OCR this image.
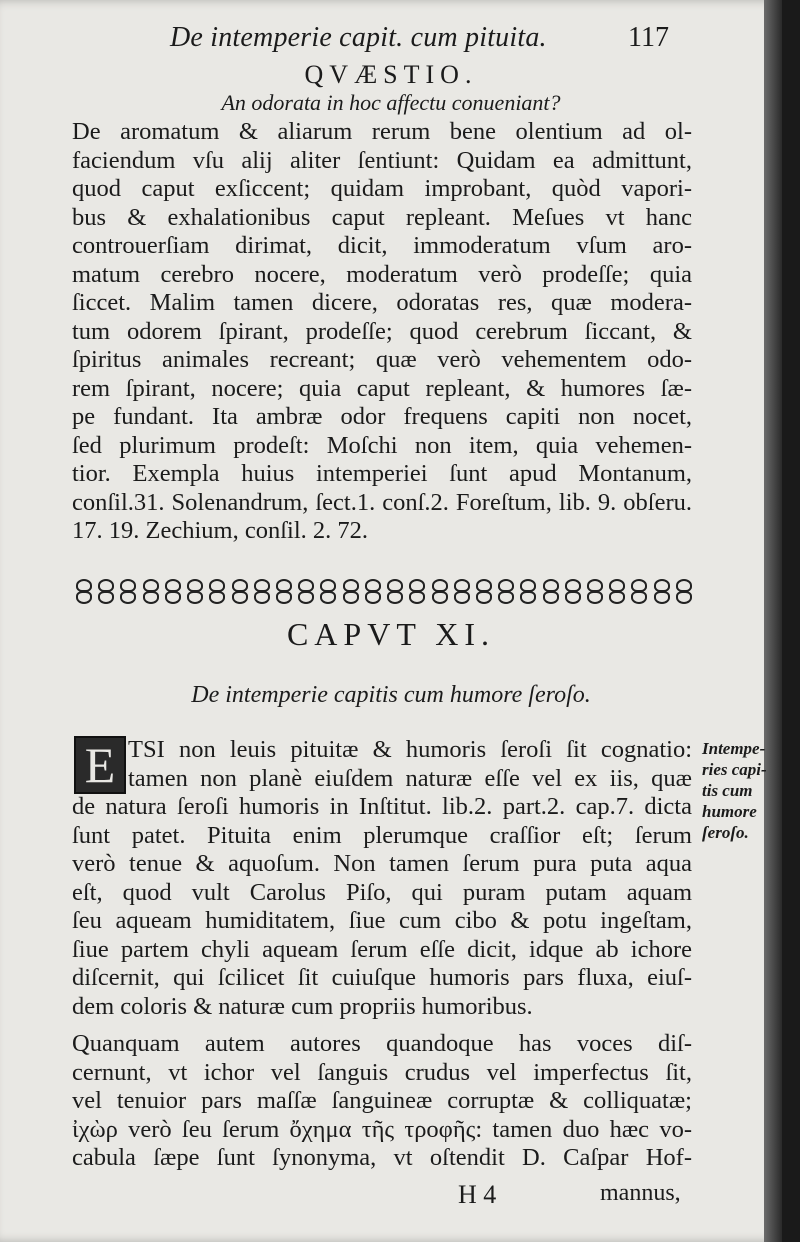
De intemperie capit. cum pituita.	117
QVÆSTIO.
An odorata in hoc affectu conueniant?
De aromatum & aliarum rerum bene olentium ad ol-
faciendum vſu alij aliter ſentiunt: Quidam ea admittunt,
quod caput exſiccent; quidam improbant, quòd vapori-
bus & exhalationibus caput repleant. Meſues vt hanc
controuerſiam dirimat, dicit, immoderatum vſum aro-
matum cerebro nocere, moderatum verò prodeſſe; quia
ſiccet. Malim tamen dicere, odoratas res, quæ modera-
tum odorem ſpirant, prodeſſe; quod cerebrum ſiccant, &
ſpiritus animales recreant; quæ verò vehementem odo-
rem ſpirant, nocere; quia caput repleant, & humores ſæ-
pe fundant. Ita ambræ odor frequens capiti non nocet,
ſed plurimum prodeſt: Moſchi non item, quia vehemen-
tior. Exempla huius intemperiei ſunt apud Montanum,
conſil.31. Solenandrum, ſect.1. conſ.2. Foreſtum, lib. 9. obſeru.
17. 19. Zechium, conſil. 2. 72.
CAPVT XI.
De intemperie capitis cum humore ſeroſo.
E TSI non leuis pituitæ & humoris ſeroſi ſit cognatio:
tamen non planè eiuſdem naturæ eſſe vel ex iis, quæ
de natura ſeroſi humoris in Inſtitut. lib.2. part.2. cap.7. dicta
ſunt patet. Pituita enim plerumque craſſior eſt; ſerum
verò tenue & aquoſum. Non tamen ſerum pura puta aqua
eſt, quod vult Carolus Piſo, qui puram putam aquam
ſeu aqueam humiditatem, ſiue cum cibo & potu ingeſtam,
ſiue partem chyli aqueam ſerum eſſe dicit, idque ab ichore
diſcernit, qui ſcilicet ſit cuiuſque humoris pars fluxa, eiuſ-
dem coloris & naturæ cum propriis humoribus.
Quanquam autem autores quandoque has voces diſ-
cernunt, vt ichor vel ſanguis crudus vel imperfectus ſit,
vel tenuior pars maſſæ ſanguineæ corruptæ & colliquatæ;
ἰχὼρ verò ſeu ſerum ὄχημα τῆς τροφῆς: tamen duo hæc vo-
cabula ſæpe ſunt ſynonyma, vt oſtendit D. Caſpar Hof-
Intempe-
ries capi-
tis cum
humore
ſeroſo.
H 4	mannus,
